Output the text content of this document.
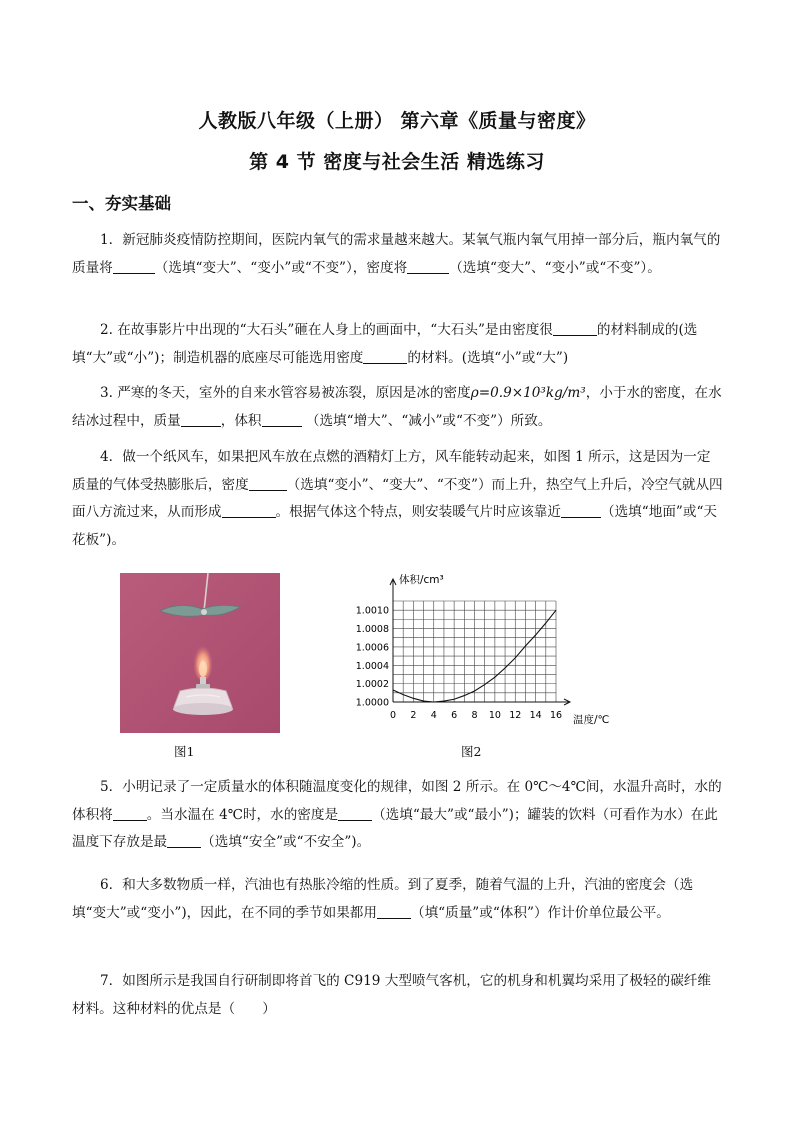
人教版八年级（上册） 第六章《质量与密度》
第 4 节 密度与社会生活 精选练习
一、夯实基础
1．新冠肺炎疫情防控期间，医院内氧气的需求量越来越大。某氧气瓶内氧气用掉一部分后，瓶内氧气的质量将	（选填“变大”、“变小”或“不变”），密度将	（选填“变大”、“变小”或“不变”）。
2. 在故事影片中出现的“大石头”砸在人身上的画面中，“大石头”是由密度很	的材料制成的(选填“大”或“小”)；制造机器的底座尽可能选用密度	的材料。(选填“小”或“大”)
3. 严寒的冬天，室外的自来水管容易被冻裂，原因是冰的密度ρ=0.9×10³kg/m³，小于水的密度，在水结冰过程中，质量	，体积	（选填“增大”、“减小”或“不变”）所致。
4．做一个纸风车，如果把风车放在点燃的酒精灯上方，风车能转动起来，如图 1 所示，这是因为一定质量的气体受热膨胀后，密度	（选填“变小”、“变大”、“不变”）而上升，热空气上升后，冷空气就从四面八方流过来，从而形成	。根据气体这个特点，则安装暖气片时应该靠近	（选填“地面”或“天花板”)。
图1
1.0000
1.0002
1.0004
1.0006
1.0008
1.0010
0 2 4 6 8 10 12 14 16
体积/cm³
温度/℃
图2
5．小明记录了一定质量水的体积随温度变化的规律，如图 2 所示。在 0℃～4℃间，水温升高时，水的体积将	。当水温在 4℃时，水的密度是	（选填“最大”或“最小”)；罐装的饮料（可看作为水）在此温度下存放是最	（选填“安全”或“不安全”)。
6．和大多数物质一样，汽油也有热胀冷缩的性质。到了夏季，随着气温的上升，汽油的密度会（选填“变大”或“变小”)，因此，在不同的季节如果都用	（填“质量”或“体积”）作计价单位最公平。
7．如图所示是我国自行研制即将首飞的 C919 大型喷气客机，它的机身和机翼均采用了极轻的碳纤维材料。这种材料的优点是（　　）
